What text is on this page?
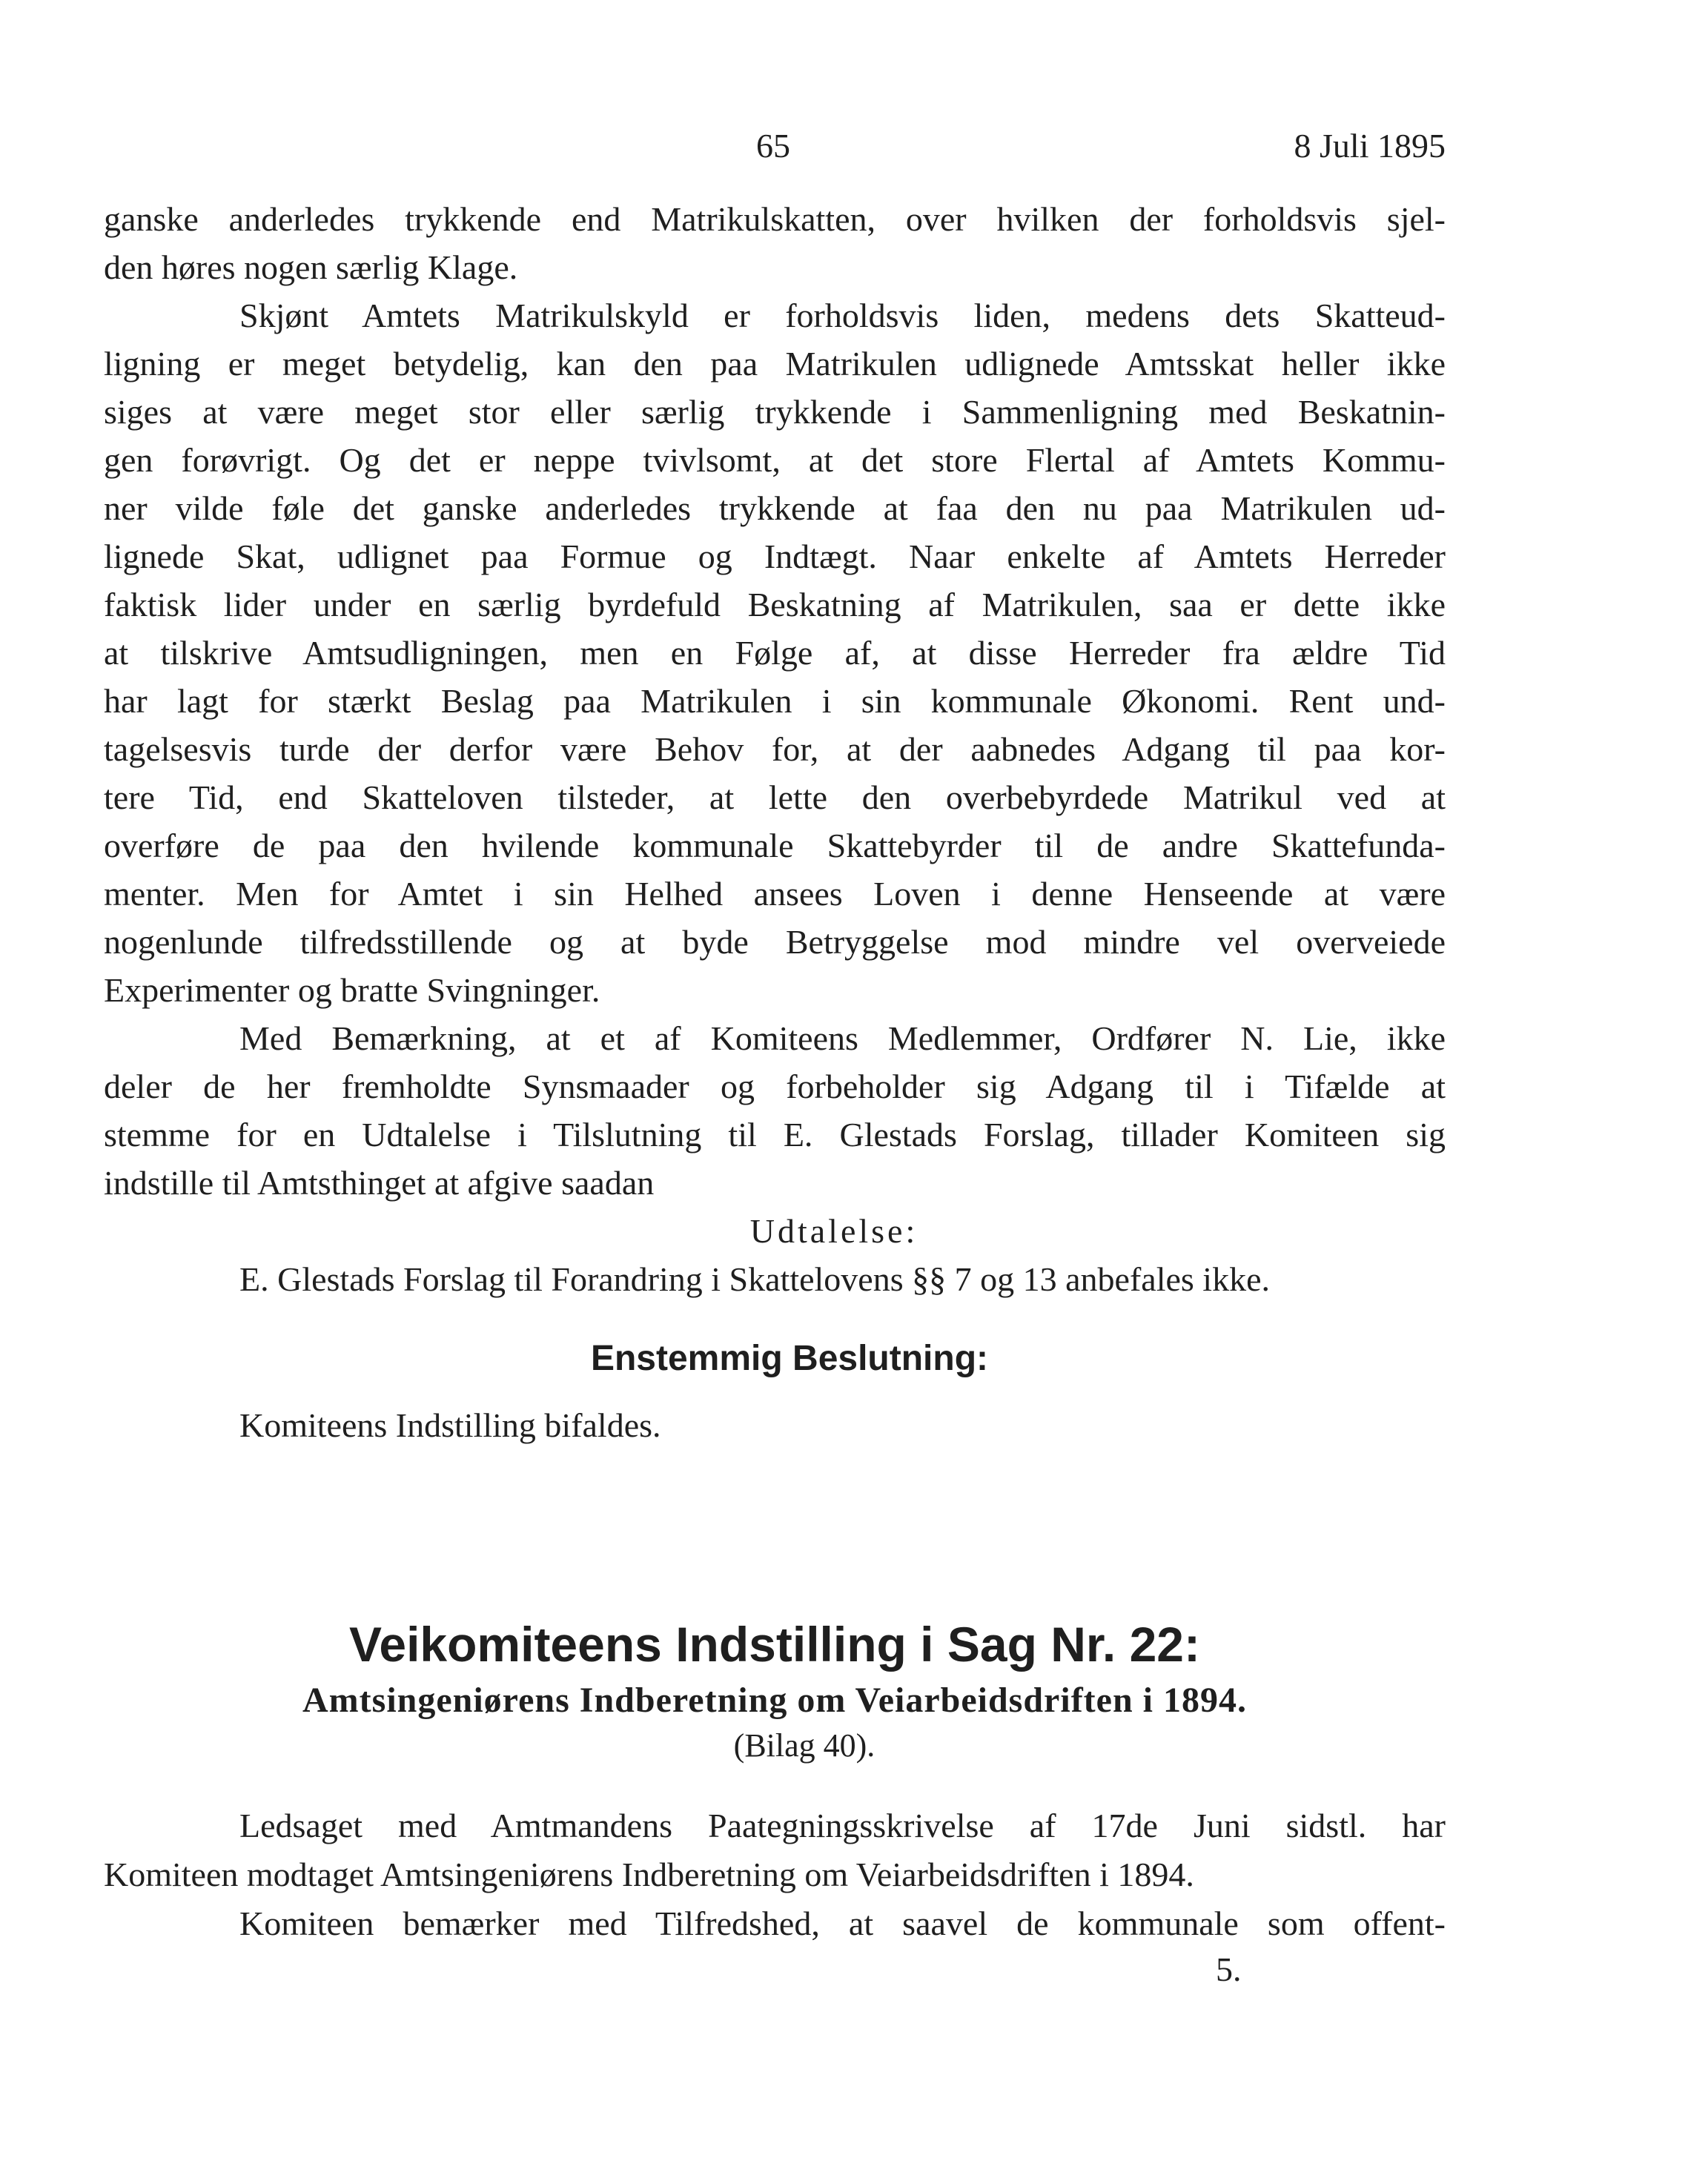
65	8 Juli 1895
ganske anderledes trykkende end Matrikulskatten, over hvilken der forholdsvis sjel-
den høres nogen særlig Klage.
Skjønt Amtets Matrikulskyld er forholdsvis liden, medens dets Skatteud-
ligning er meget betydelig, kan den paa Matrikulen udlignede Amtsskat heller ikke
siges at være meget stor eller særlig trykkende i Sammenligning med Beskatnin-
gen forøvrigt. Og det er neppe tvivlsomt, at det store Flertal af Amtets Kommu-
ner vilde føle det ganske anderledes trykkende at faa den nu paa Matrikulen ud-
lignede Skat, udlignet paa Formue og Indtægt. Naar enkelte af Amtets Herreder
faktisk lider under en særlig byrdefuld Beskatning af Matrikulen, saa er dette ikke
at tilskrive Amtsudligningen, men en Følge af, at disse Herreder fra ældre Tid
har lagt for stærkt Beslag paa Matrikulen i sin kommunale Økonomi. Rent und-
tagelsesvis turde der derfor være Behov for, at der aabnedes Adgang til paa kor-
tere Tid, end Skatteloven tilsteder, at lette den overbebyrdede Matrikul ved at
overføre de paa den hvilende kommunale Skattebyrder til de andre Skattefunda-
menter. Men for Amtet i sin Helhed ansees Loven i denne Henseende at være
nogenlunde tilfredsstillende og at byde Betryggelse mod mindre vel overveiede
Experimenter og bratte Svingninger.
Med Bemærkning, at et af Komiteens Medlemmer, Ordfører N. Lie, ikke
deler de her fremholdte Synsmaader og forbeholder sig Adgang til i Tifælde at
stemme for en Udtalelse i Tilslutning til E. Glestads Forslag, tillader Komiteen sig
indstille til Amtsthinget at afgive saadan
Udtalelse:
E. Glestads Forslag til Forandring i Skattelovens §§ 7 og 13 anbefales ikke.
Enstemmig Beslutning:
Komiteens Indstilling bifaldes.
Veikomiteens Indstilling i Sag Nr. 22:
Amtsingeniørens Indberetning om Veiarbeidsdriften i 1894.
(Bilag 40).
Ledsaget med Amtmandens Paategningsskrivelse af 17de Juni sidstl. har
Komiteen modtaget Amtsingeniørens Indberetning om Veiarbeidsdriften i 1894.
Komiteen bemærker med Tilfredshed, at saavel de kommunale som offent-
5.
